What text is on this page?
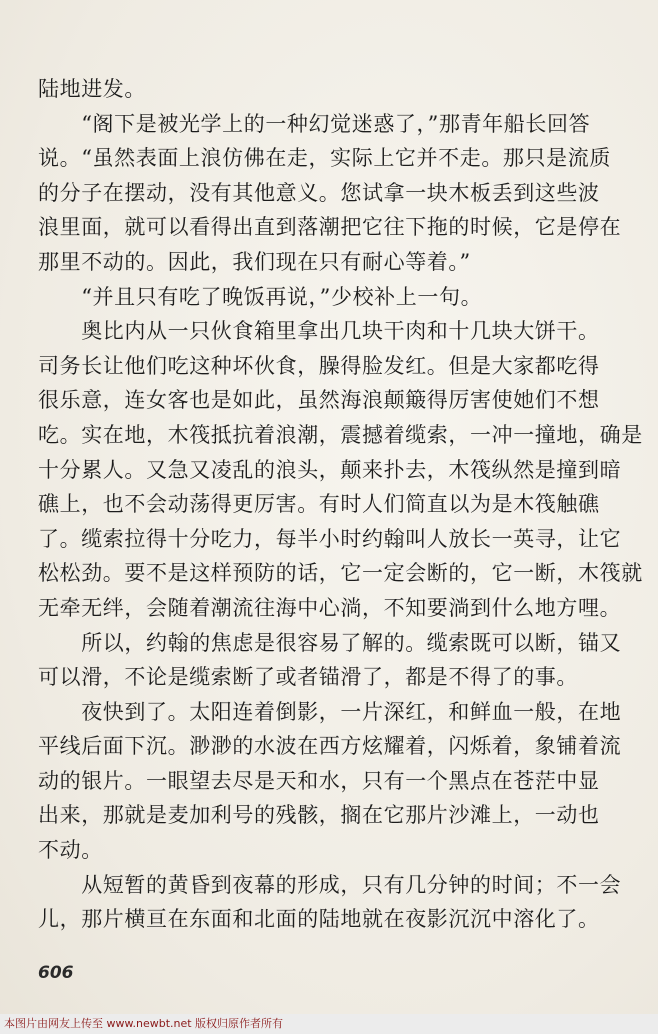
陆地进发。
　　“阁下是被光学上的一种幻觉迷惑了，”那青年船长回答
说。“虽然表面上浪仿佛在走，实际上它并不走。那只是流质
的分子在摆动，没有其他意义。您试拿一块木板丢到这些波
浪里面，就可以看得出直到落潮把它往下拖的时候，它是停在
那里不动的。因此，我们现在只有耐心等着。”
　　“并且只有吃了晚饭再说，”少校补上一句。
　　奥比内从一只伙食箱里拿出几块干肉和十几块大饼干。
司务长让他们吃这种坏伙食，臊得脸发红。但是大家都吃得
很乐意，连女客也是如此，虽然海浪颠簸得厉害使她们不想
吃。实在地，木筏抵抗着浪潮，震撼着缆索，一冲一撞地，确是
十分累人。又急又凌乱的浪头，颠来扑去，木筏纵然是撞到暗
礁上，也不会动荡得更厉害。有时人们简直以为是木筏触礁
了。缆索拉得十分吃力，每半小时约翰叫人放长一英寻，让它
松松劲。要不是这样预防的话，它一定会断的，它一断，木筏就
无牵无绊，会随着潮流往海中心淌，不知要淌到什么地方哩。
　　所以，约翰的焦虑是很容易了解的。缆索既可以断，锚又
可以滑，不论是缆索断了或者锚滑了，都是不得了的事。
　　夜快到了。太阳连着倒影，一片深红，和鲜血一般，在地
平线后面下沉。渺渺的水波在西方炫耀着，闪烁着，象铺着流
动的银片。一眼望去尽是天和水，只有一个黑点在苍茫中显
出来，那就是麦加利号的残骸，搁在它那片沙滩上，一动也
不动。
　　从短暂的黄昏到夜幕的形成，只有几分钟的时间；不一会
儿，那片横亘在东面和北面的陆地就在夜影沉沉中溶化了。
606
本图片由网友上传至 www.newbt.net 版权归原作者所有
